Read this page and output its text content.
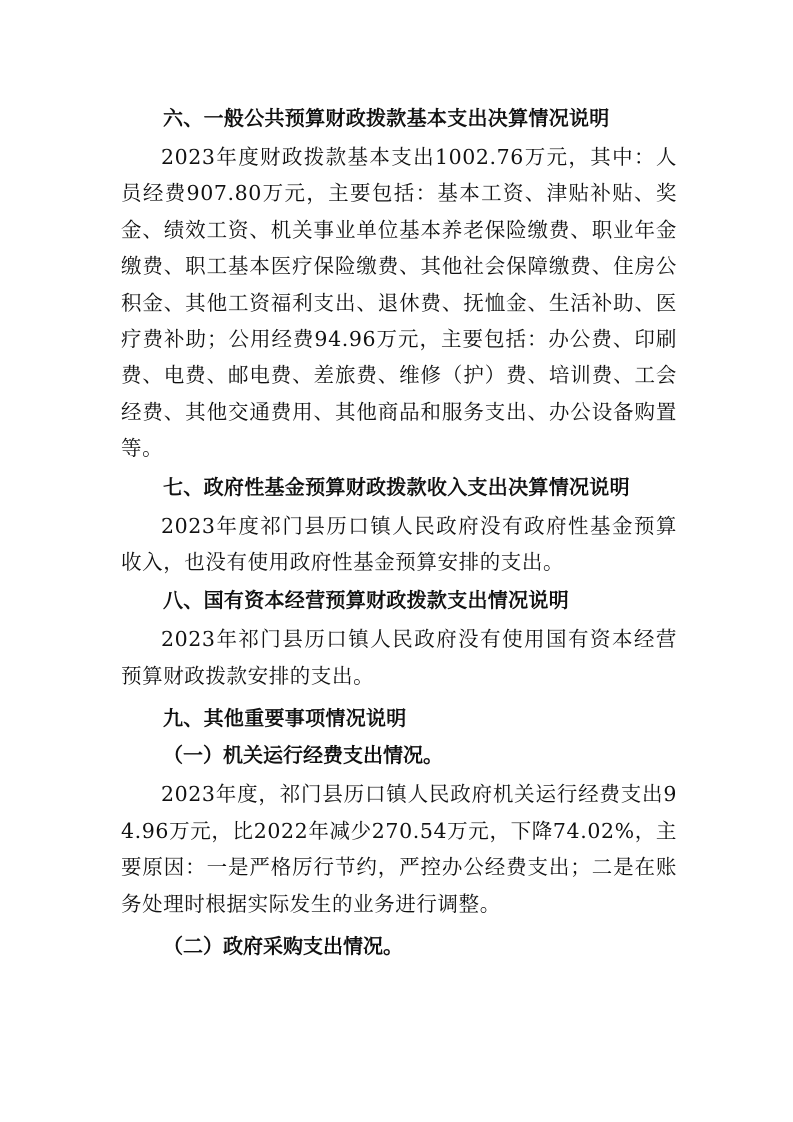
六、一般公共预算财政拨款基本支出决算情况说明

2023年度财政拨款基本支出1002.76万元，其中：人员经费907.80万元，主要包括：基本工资、津贴补贴、奖金、绩效工资、机关事业单位基本养老保险缴费、职业年金缴费、职工基本医疗保险缴费、其他社会保障缴费、住房公积金、其他工资福利支出、退休费、抚恤金、生活补助、医疗费补助；公用经费94.96万元，主要包括：办公费、印刷费、电费、邮电费、差旅费、维修（护）费、培训费、工会经费、其他交通费用、其他商品和服务支出、办公设备购置等。

七、政府性基金预算财政拨款收入支出决算情况说明

2023年度祁门县历口镇人民政府没有政府性基金预算收入，也没有使用政府性基金预算安排的支出。

八、国有资本经营预算财政拨款支出情况说明

2023年祁门县历口镇人民政府没有使用国有资本经营预算财政拨款安排的支出。

九、其他重要事项情况说明

（一）机关运行经费支出情况。

2023年度，祁门县历口镇人民政府机关运行经费支出94.96万元，比2022年减少270.54万元，下降74.02%，主要原因：一是严格厉行节约，严控办公经费支出；二是在账务处理时根据实际发生的业务进行调整。

（二）政府采购支出情况。
